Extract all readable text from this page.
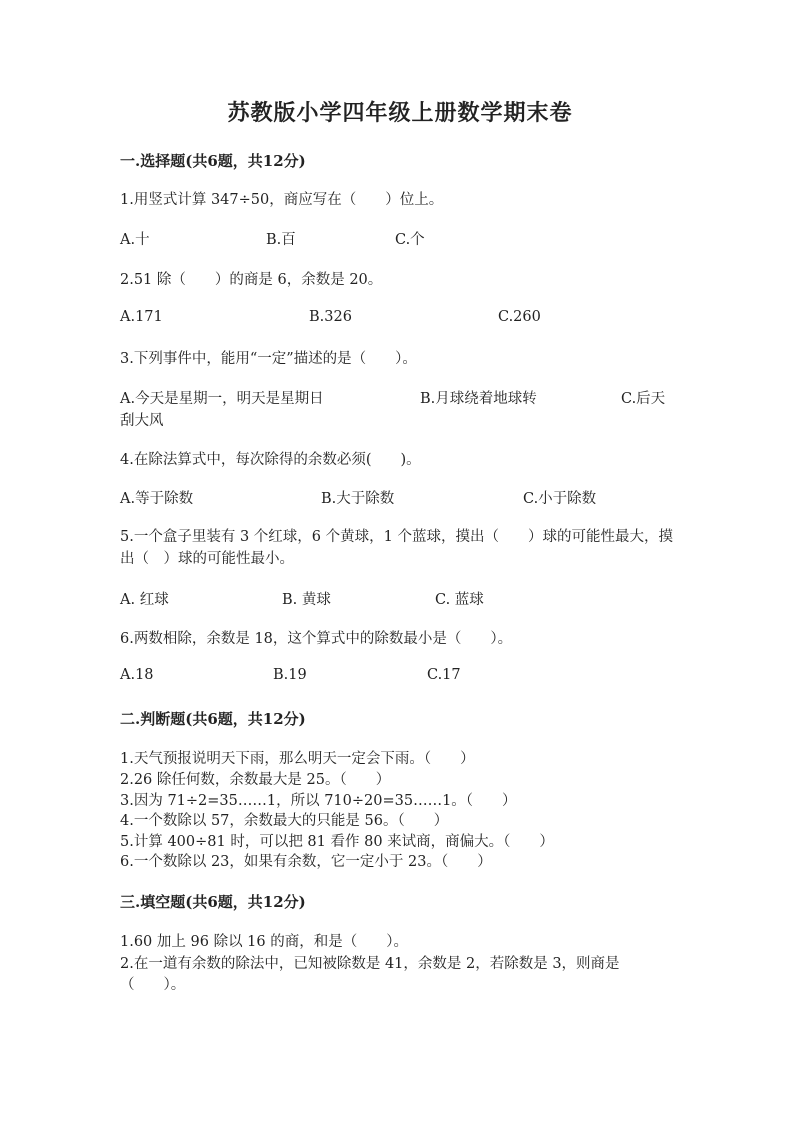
苏教版小学四年级上册数学期末卷
一.选择题(共6题，共12分)
1.用竖式计算 347÷50，商应写在（　　）位上。
A.十	B.百	C.个
2.51 除（　　）的商是 6，余数是 20。
A.171	B.326	C.260
3.下列事件中，能用“一定”描述的是（　　）。
A.今天是星期一，明天是星期日	B.月球绕着地球转	C.后天
刮大风
4.在除法算式中，每次除得的余数必须(　　)。
A.等于除数	B.大于除数	C.小于除数
5.一个盒子里装有 3 个红球，6 个黄球，1 个蓝球，摸出（　　）球的可能性最大，摸出（　）球的可能性最小。
A. 红球	B. 黄球	C. 蓝球
6.两数相除，余数是 18，这个算式中的除数最小是（　　）。
A.18	B.19	C.17
二.判断题(共6题，共12分)
1.天气预报说明天下雨，那么明天一定会下雨。（　　）
2.26 除任何数，余数最大是 25。（　　）
3.因为 71÷2=35……1，所以 710÷20=35……1。（　　）
4.一个数除以 57，余数最大的只能是 56。（　　）
5.计算 400÷81 时，可以把 81 看作 80 来试商，商偏大。（　　）
6.一个数除以 23，如果有余数，它一定小于 23。（　　）
三.填空题(共6题，共12分)
1.60 加上 96 除以 16 的商，和是（　　）。
2.在一道有余数的除法中，已知被除数是 41，余数是 2，若除数是 3，则商是
（　　）。
